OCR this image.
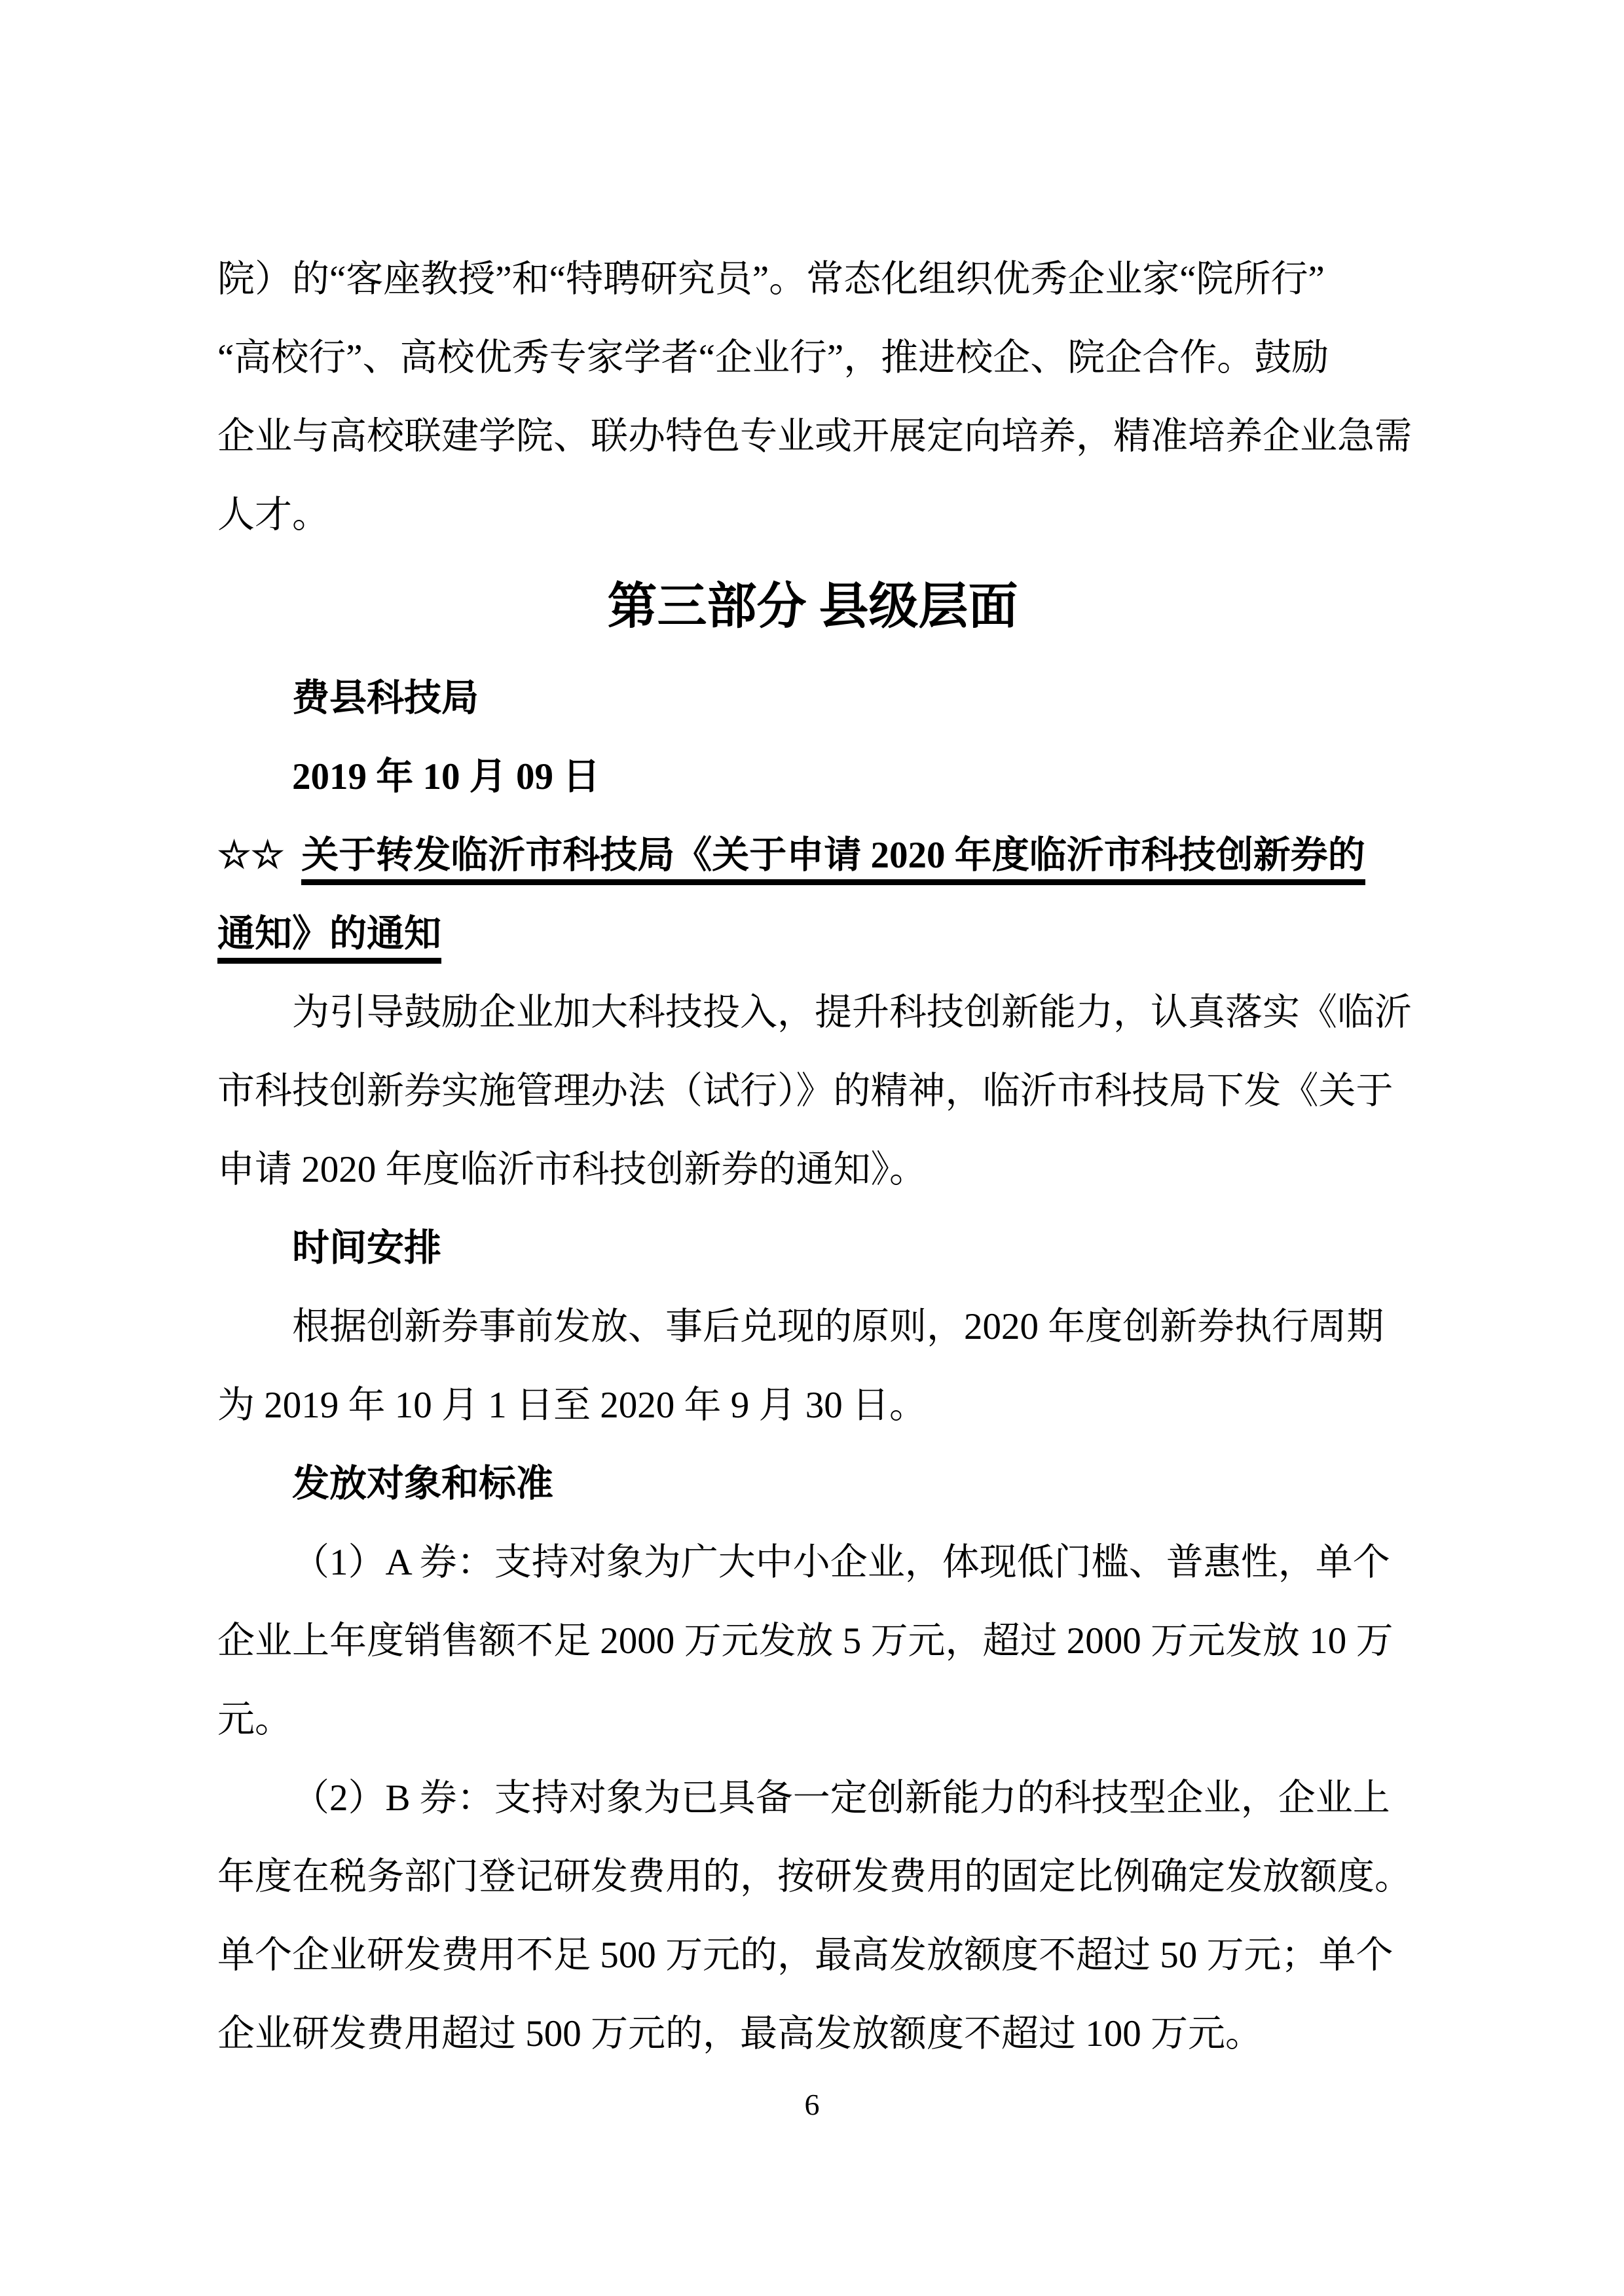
院）的“客座教授”和“特聘研究员”。常态化组织优秀企业家“院所行”
“高校行”、高校优秀专家学者“企业行”，推进校企、院企合作。鼓励
企业与高校联建学院、联办特色专业或开展定向培养，精准培养企业急需
人才。
第三部分 县级层面
费县科技局
2019 年 10 月 09 日
☆☆ 关于转发临沂市科技局《关于申请 2020 年度临沂市科技创新券的
通知》的通知
为引导鼓励企业加大科技投入，提升科技创新能力，认真落实《临沂
市科技创新券实施管理办法（试行）》的精神，临沂市科技局下发《关于
申请 2020 年度临沂市科技创新券的通知》。
时间安排
根据创新券事前发放、事后兑现的原则，2020 年度创新券执行周期
为 2019 年 10 月 1 日至 2020 年 9 月 30 日。
发放对象和标准
（1）A 券：支持对象为广大中小企业，体现低门槛、普惠性，单个
企业上年度销售额不足 2000 万元发放 5 万元，超过 2000 万元发放 10 万
元。
（2）B 券：支持对象为已具备一定创新能力的科技型企业，企业上
年度在税务部门登记研发费用的，按研发费用的固定比例确定发放额度。
单个企业研发费用不足 500 万元的，最高发放额度不超过 50 万元；单个
企业研发费用超过 500 万元的，最高发放额度不超过 100 万元。
6
